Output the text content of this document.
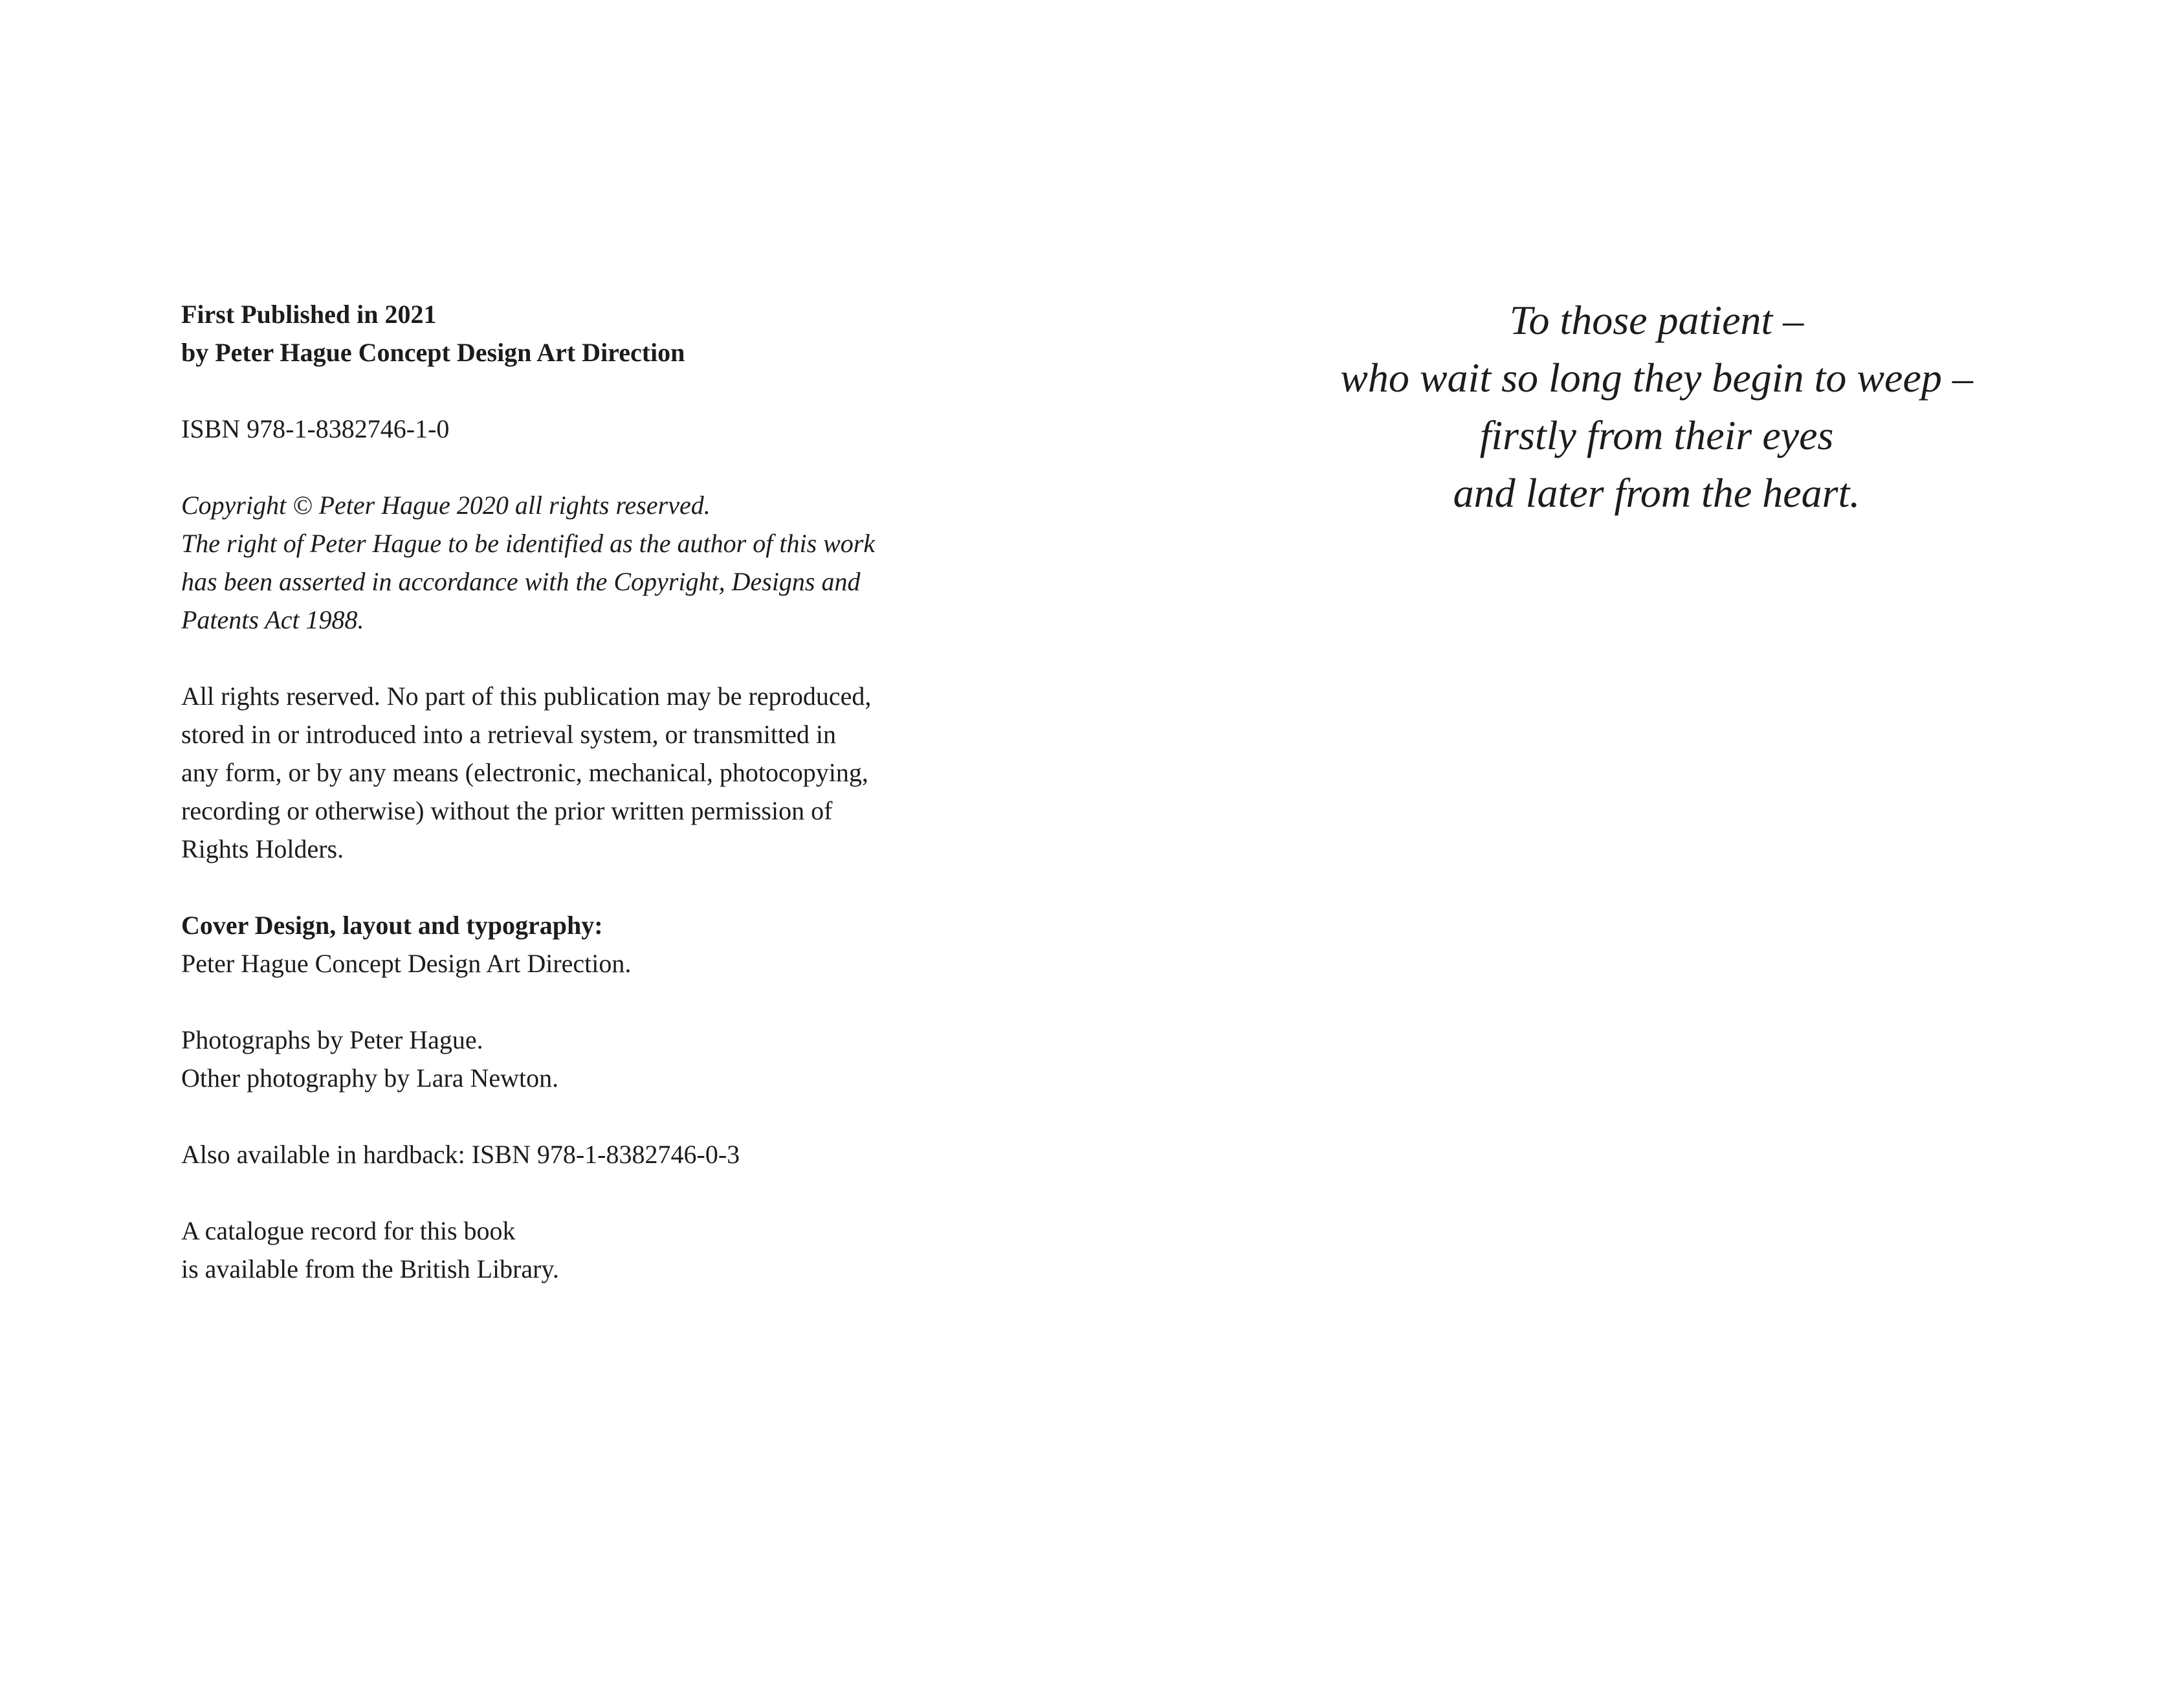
First Published in 2021
by Peter Hague Concept Design Art Direction

ISBN 978-1-8382746-1-0

Copyright © Peter Hague 2020 all rights reserved.
The right of Peter Hague to be identified as the author of this work
has been asserted in accordance with the Copyright, Designs and
Patents Act 1988.

All rights reserved. No part of this publication may be reproduced,
stored in or introduced into a retrieval system, or transmitted in
any form, or by any means (electronic, mechanical, photocopying,
recording or otherwise) without the prior written permission of
Rights Holders.

Cover Design, layout and typography:
Peter Hague Concept Design Art Direction.

Photographs by Peter Hague.
Other photography by Lara Newton.

Also available in hardback: ISBN 978-1-8382746-0-3

A catalogue record for this book
is available from the British Library.

To those patient –
who wait so long they begin to weep –
firstly from their eyes
and later from the heart.
